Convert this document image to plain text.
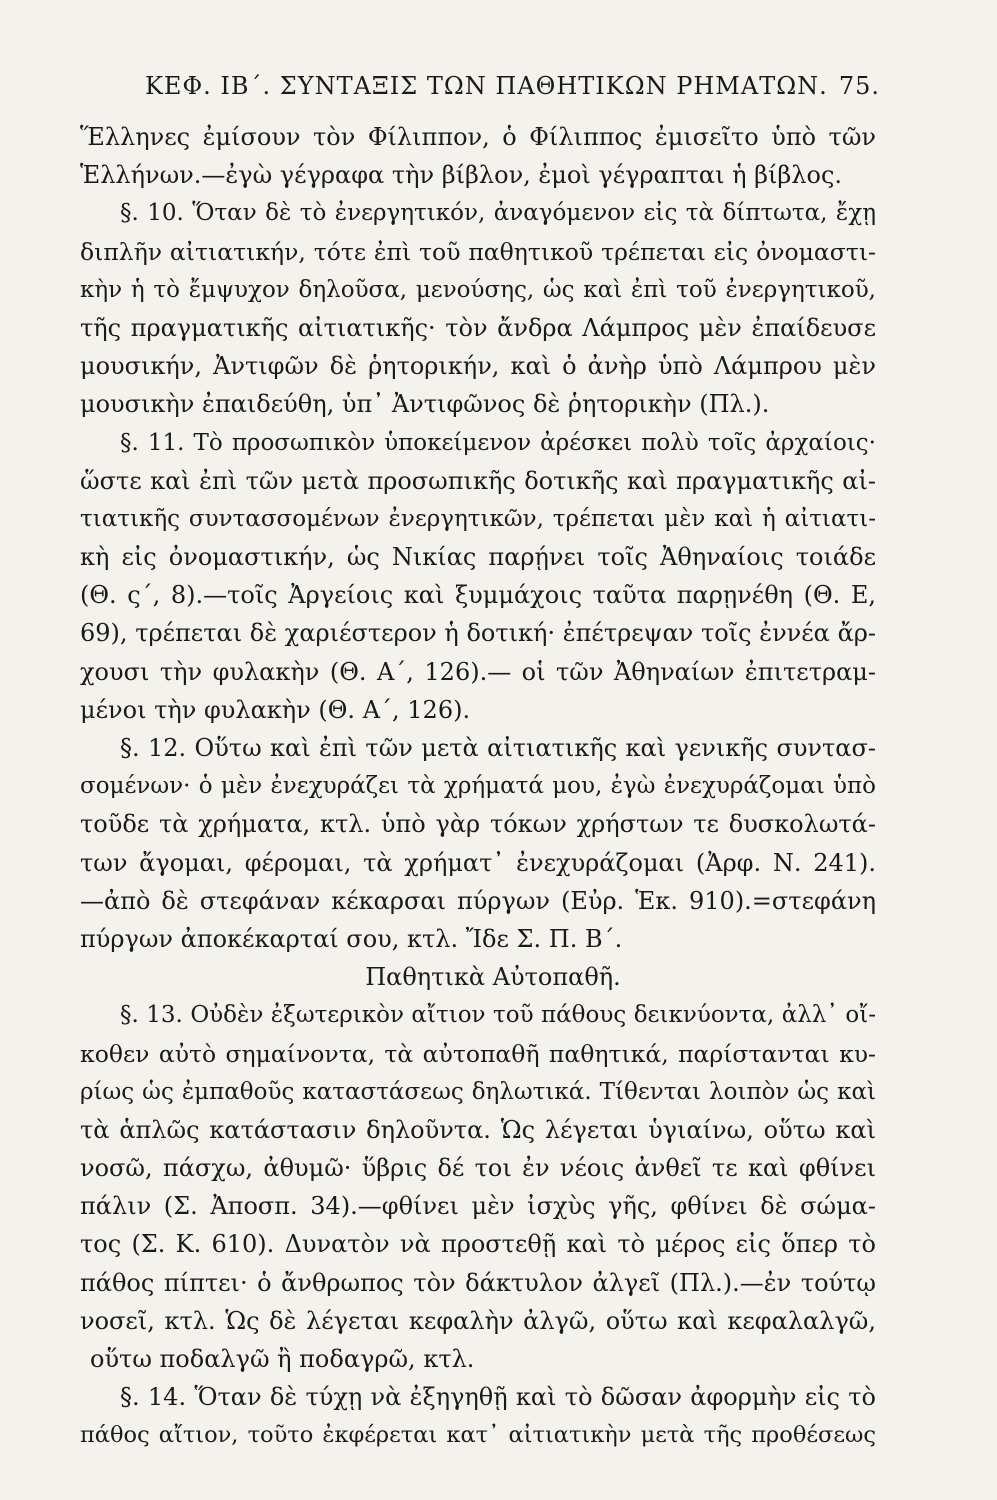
ΚΕΦ. ΙΒ΄. ΣΥΝΤΑΞΙΣ ΤΩΝ ΠΑΘΗΤΙΚΩΝ ΡΗΜΑΤΩΝ. 75.
Ἕλληνες ἐμίσουν τὸν Φίλιππον, ὁ Φίλιππος ἐμισεῖτο ὑπὸ τῶν
Ἑλλήνων.—ἐγὼ γέγραφα τὴν βίβλον, ἐμοὶ γέγραπται ἡ βίβλος.
§. 10. Ὅταν δὲ τὸ ἐνεργητικόν, ἀναγόμενον εἰς τὰ δίπτωτα, ἔχῃ
διπλῆν αἰτιατικήν, τότε ἐπὶ τοῦ παθητικοῦ τρέπεται εἰς ὀνομαστι-
κὴν ἡ τὸ ἔμψυχον δηλοῦσα, μενούσης, ὡς καὶ ἐπὶ τοῦ ἐνεργητικοῦ,
τῆς πραγματικῆς αἰτιατικῆς· τὸν ἄνδρα Λάμπρος μὲν ἐπαίδευσε
μουσικήν, Ἀντιφῶν δὲ ῥητορικήν, καὶ ὁ ἀνὴρ ὑπὸ Λάμπρου μὲν
μουσικὴν ἐπαιδεύθη, ὑπ᾽ Ἀντιφῶνος δὲ ῥητορικὴν (Πλ.).
§. 11. Τὸ προσωπικὸν ὑποκείμενον ἀρέσκει πολὺ τοῖς ἀρχαίοις·
ὥστε καὶ ἐπὶ τῶν μετὰ προσωπικῆς δοτικῆς καὶ πραγματικῆς αἰ-
τιατικῆς συντασσομένων ἐνεργητικῶν, τρέπεται μὲν καὶ ἡ αἰτιατι-
κὴ εἰς ὀνομαστικήν, ὡς Νικίας παρῄνει τοῖς Ἀθηναίοις τοιάδε
(Θ. ς΄, 8).—τοῖς Ἀργείοις καὶ ξυμμάχοις ταῦτα παρῃνέθη (Θ. Ε,
69), τρέπεται δὲ χαριέστερον ἡ δοτική· ἐπέτρεψαν τοῖς ἐννέα ἄρ-
χουσι τὴν φυλακὴν (Θ. Α΄, 126).— οἱ τῶν Ἀθηναίων ἐπιτετραμ-
μένοι τὴν φυλακὴν (Θ. Α΄, 126).
§. 12. Οὕτω καὶ ἐπὶ τῶν μετὰ αἰτιατικῆς καὶ γενικῆς συντασ-
σομένων· ὁ μὲν ἐνεχυράζει τὰ χρήματά μου, ἐγὼ ἐνεχυράζομαι ὑπὸ
τοῦδε τὰ χρήματα, κτλ. ὑπὸ γὰρ τόκων χρήστων τε δυσκολωτά-
των ἄγομαι, φέρομαι, τὰ χρήματ᾽ ἐνεχυράζομαι (Ἀρφ. Ν. 241).
—ἀπὸ δὲ στεφάναν κέκαρσαι πύργων (Εὐρ. Ἑκ. 910).=στεφάνη
πύργων ἀποκέκαρταί σου, κτλ. Ἴδε Σ. Π. Β΄.
Παθητικὰ Αὐτοπαθῆ.
§. 13. Οὐδὲν ἐξωτερικὸν αἴτιον τοῦ πάθους δεικνύοντα, ἀλλ᾽ οἴ-
κοθεν αὐτὸ σημαίνοντα, τὰ αὐτοπαθῆ παθητικά, παρίστανται κυ-
ρίως ὡς ἐμπαθοῦς καταστάσεως δηλωτικά. Τίθενται λοιπὸν ὡς καὶ
τὰ ἁπλῶς κατάστασιν δηλοῦντα. Ὡς λέγεται ὑγιαίνω, οὕτω καὶ
νοσῶ, πάσχω, ἀθυμῶ· ὕβρις δέ τοι ἐν νέοις ἀνθεῖ τε καὶ φθίνει
πάλιν (Σ. Ἀποσπ. 34).—φθίνει μὲν ἰσχὺς γῆς, φθίνει δὲ σώμα-
τος (Σ. Κ. 610). Δυνατὸν νὰ προστεθῇ καὶ τὸ μέρος εἰς ὅπερ τὸ
πάθος πίπτει· ὁ ἄνθρωπος τὸν δάκτυλον ἀλγεῖ (Πλ.).—ἐν τούτῳ
νοσεῖ, κτλ. Ὡς δὲ λέγεται κεφαλὴν ἀλγῶ, οὕτω καὶ κεφαλαλγῶ,
οὕτω ποδαλγῶ ἢ ποδαγρῶ, κτλ.
§. 14. Ὅταν δὲ τύχῃ νὰ ἐξηγηθῇ καὶ τὸ δῶσαν ἀφορμὴν εἰς τὸ
πάθος αἴτιον, τοῦτο ἐκφέρεται κατ᾽ αἰτιατικὴν μετὰ τῆς προθέσεως
